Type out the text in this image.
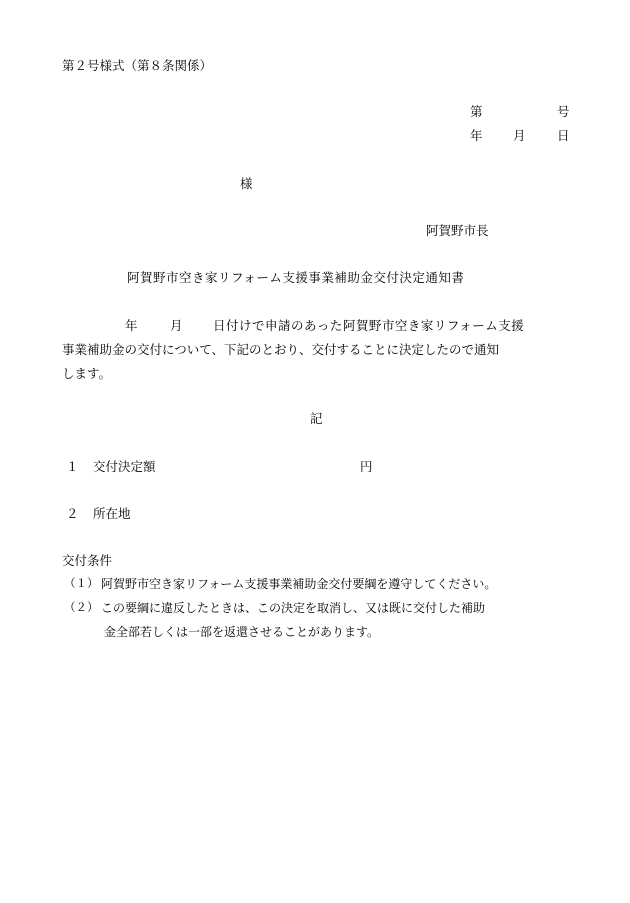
第２号様式（第８条関係）
第	号
年 月	日
様
阿賀野市長
阿賀野市空き家リフォーム支援事業補助金交付決定通知書
年	月 日付けで申請のあった阿賀野市空き家リフォーム支援
事業補助金の交付について、下記のとおり、交付することに決定したので通知
します。
記
１ 交付決定額	円
２ 所在地
交付条件
（１） 阿賀野市空き家リフォーム支援事業補助金交付要綱を遵守してください。
（２） この要綱に違反したときは、この決定を取消し、又は既に交付した補助
金全部若しくは一部を返還させることがあります。
